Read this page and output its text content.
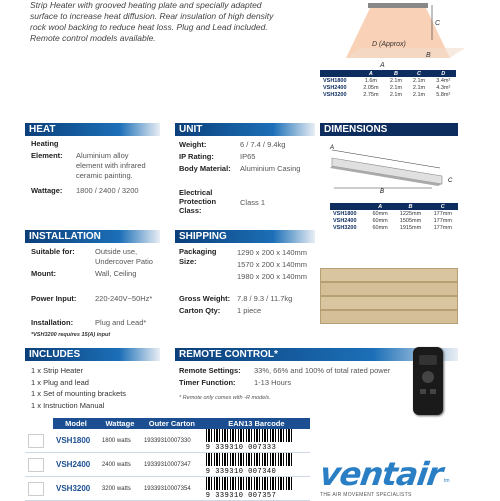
Strip Heater with grooved heating plate and specially adapted
surface to increase heat diffusion. Rear insulation of high density
rock wool backing to reduce heat loss. Plug and Lead included.
Remote control models available.
C
D (Approx)
B
A
	A	B	C	D
VSH1800	1.6m	2.1m	2.1m	3.4m²
VSH2400	2.05m	2.1m	2.1m	4.3m²
VSH3200	2.75m	2.1m	2.1m	5.8m²
HEAT
Heating
Element: Aluminium alloy
element with infrared
ceramic painting.
Wattage: 1800 / 2400 / 3200
UNIT
Weight:	6 / 7.4 / 9.4kg
IP Rating:	IP65
Body Material: Aluminium Casing
Electrical
Protection
Class:
Class 1
DIMENSIONS
A
B
C
	A	B	C
VSH1800	60mm	1225mm	177mm
VSH2400	60mm	1505mm	177mm
VSH3200	60mm	1915mm	177mm
INSTALLATION
Suitable for:	Outside use,
Undercover Patio
Mount:	Wall, Ceiling
Power Input: 220-240V~50Hz*
Installation:	Plug and Lead*
*VSH3200 requires 15(A) input
SHIPPING
Packaging
Size:
1290 x 200 x 140mm
1570 x 200 x 140mm
1980 x 200 x 140mm
Gross Weight: 7.8 / 9.3 / 11.7kg
Carton Qty: 1 piece
INCLUDES
1 x Strip Heater
1 x Plug and lead
1 x Set of mounting brackets
1 x Instruction Manual
REMOTE CONTROL*
Remote Settings: 33%, 66% and 100% of total rated power
Timer Function: 1-13 Hours
* Remote only comes with -R models.
	Model	Wattage	Outer Carton	EAN13 Barcode

	VSH1800	1800 watts	19339310007330	9 339310 007333

	VSH2400	2400 watts	19339310007347	9 339310 007340

	VSH3200	3200 watts	19339310007354	9 339310 007357
ventair tm
THE AIR MOVEMENT SPECIALISTS
